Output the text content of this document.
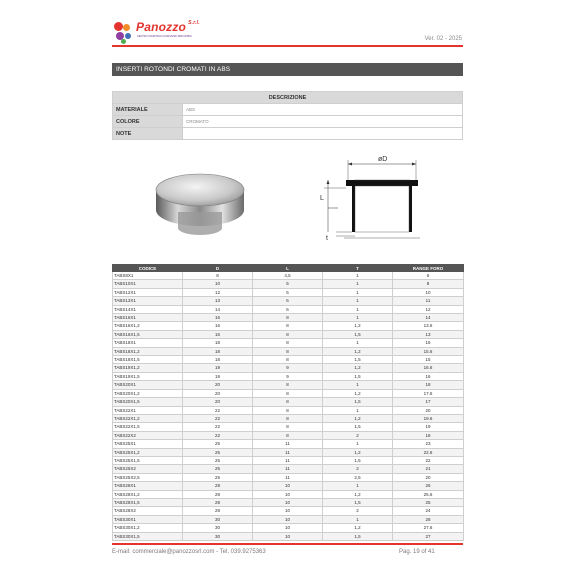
Panozzo $^{S.r.l.}$
CENTRO INGROSSO ACCESSORI PER MOBILI	Ver. 02 - 2025
INSERTI ROTONDI CROMATI IN ABS
DESCRIZIONE	
MATERIALE	ABS
COLORE	CROMATO
NOTE	
øD
L
t
CODICE	D	L	T	RANGE FORO
TABS8X1	8	4,5	1	6
TABS10X1	10	5	1	8
TABS12X1	12	5	1	10
TABS13X1	13	6	1	11
TABS14X1	14	6	1	12
TABS16X1	16	8	1	14
TABS16X1,2	16	8	1,2	13.6
TABS16X1,5	16	8	1,5	13
TABS18X1	18	8	1	16
TABS18X1,2	18	8	1,2	15.6
TABS18X1,5	18	8	1,5	15
TABS19X1,2	19	9	1,2	16.6
TABS19X1,5	19	9	1,5	16
TABS20X1	20	8	1	18
TABS20X1,2	20	8	1,2	17.6
TABS20X1,5	20	8	1,5	17
TABS22X1	22	8	1	20
TABS22X1,2	22	8	1,2	19.6
TABS22X1,5	22	8	1,5	19
TABS22X2	22	8	2	18
TABS25X1	25	11	1	23
TABS25X1,2	25	11	1,2	22.6
TABS25X1,5	25	11	1,5	22
TABS25X2	25	11	2	21
TABS25X2,5	25	11	2,5	20
TABS28X1	28	10	1	26
TABS28X1,2	28	10	1,2	25.6
TABS28X1,5	28	10	1,5	25
TABS28X2	28	10	2	24
TABS30X1	30	10	1	28
TABS30X1,2	30	10	1,2	27.6
TABS30X1,5	30	10	1,5	27
E-mail: commerciale@panozzosrl.com - Tel. 039.9275363	Pag. 19 of 41
